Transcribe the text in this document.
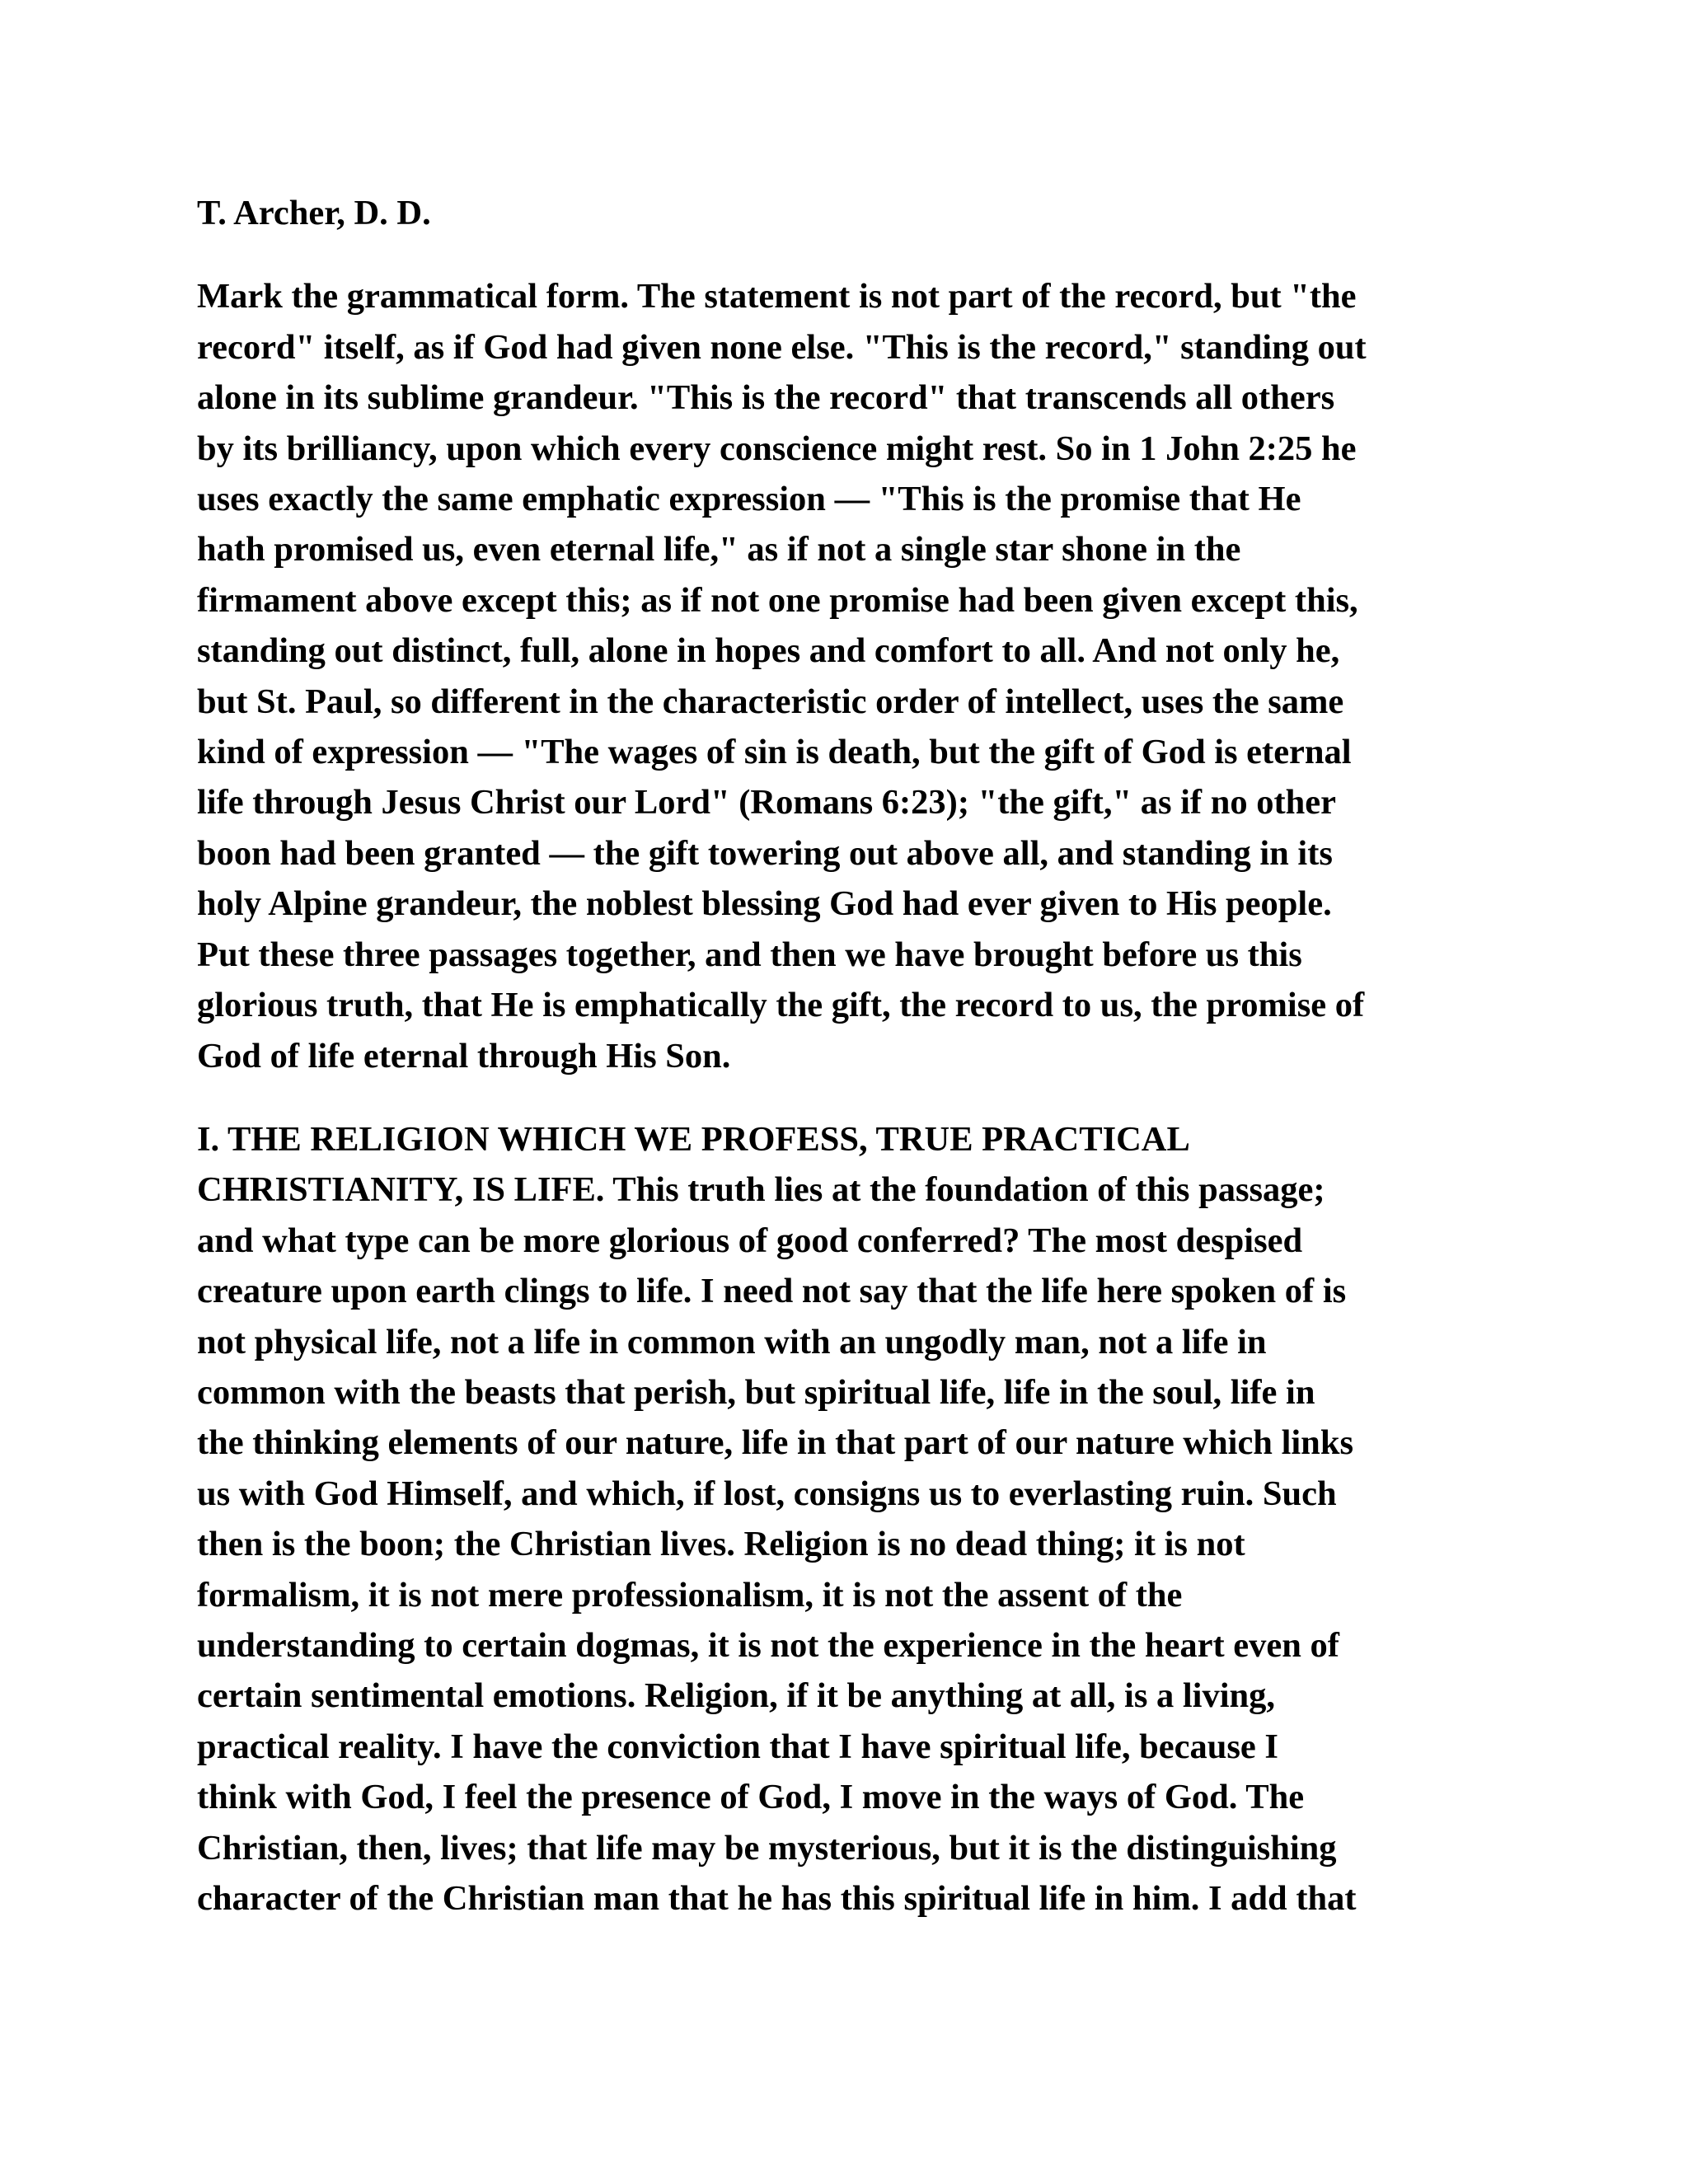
T. Archer, D. D.
Mark the grammatical form. The statement is not part of the record, but "the
record" itself, as if God had given none else. "This is the record," standing out
alone in its sublime grandeur. "This is the record" that transcends all others
by its brilliancy, upon which every conscience might rest. So in 1 John 2:25 he
uses exactly the same emphatic expression — "This is the promise that He
hath promised us, even eternal life," as if not a single star shone in the
firmament above except this; as if not one promise had been given except this,
standing out distinct, full, alone in hopes and comfort to all. And not only he,
but St. Paul, so different in the characteristic order of intellect, uses the same
kind of expression — "The wages of sin is death, but the gift of God is eternal
life through Jesus Christ our Lord" (Romans 6:23); "the gift," as if no other
boon had been granted — the gift towering out above all, and standing in its
holy Alpine grandeur, the noblest blessing God had ever given to His people.
Put these three passages together, and then we have brought before us this
glorious truth, that He is emphatically the gift, the record to us, the promise of
God of life eternal through His Son.
I. THE RELIGION WHICH WE PROFESS, TRUE PRACTICAL
CHRISTIANITY, IS LIFE. This truth lies at the foundation of this passage;
and what type can be more glorious of good conferred? The most despised
creature upon earth clings to life. I need not say that the life here spoken of is
not physical life, not a life in common with an ungodly man, not a life in
common with the beasts that perish, but spiritual life, life in the soul, life in
the thinking elements of our nature, life in that part of our nature which links
us with God Himself, and which, if lost, consigns us to everlasting ruin. Such
then is the boon; the Christian lives. Religion is no dead thing; it is not
formalism, it is not mere professionalism, it is not the assent of the
understanding to certain dogmas, it is not the experience in the heart even of
certain sentimental emotions. Religion, if it be anything at all, is a living,
practical reality. I have the conviction that I have spiritual life, because I
think with God, I feel the presence of God, I move in the ways of God. The
Christian, then, lives; that life may be mysterious, but it is the distinguishing
character of the Christian man that he has this spiritual life in him. I add that
